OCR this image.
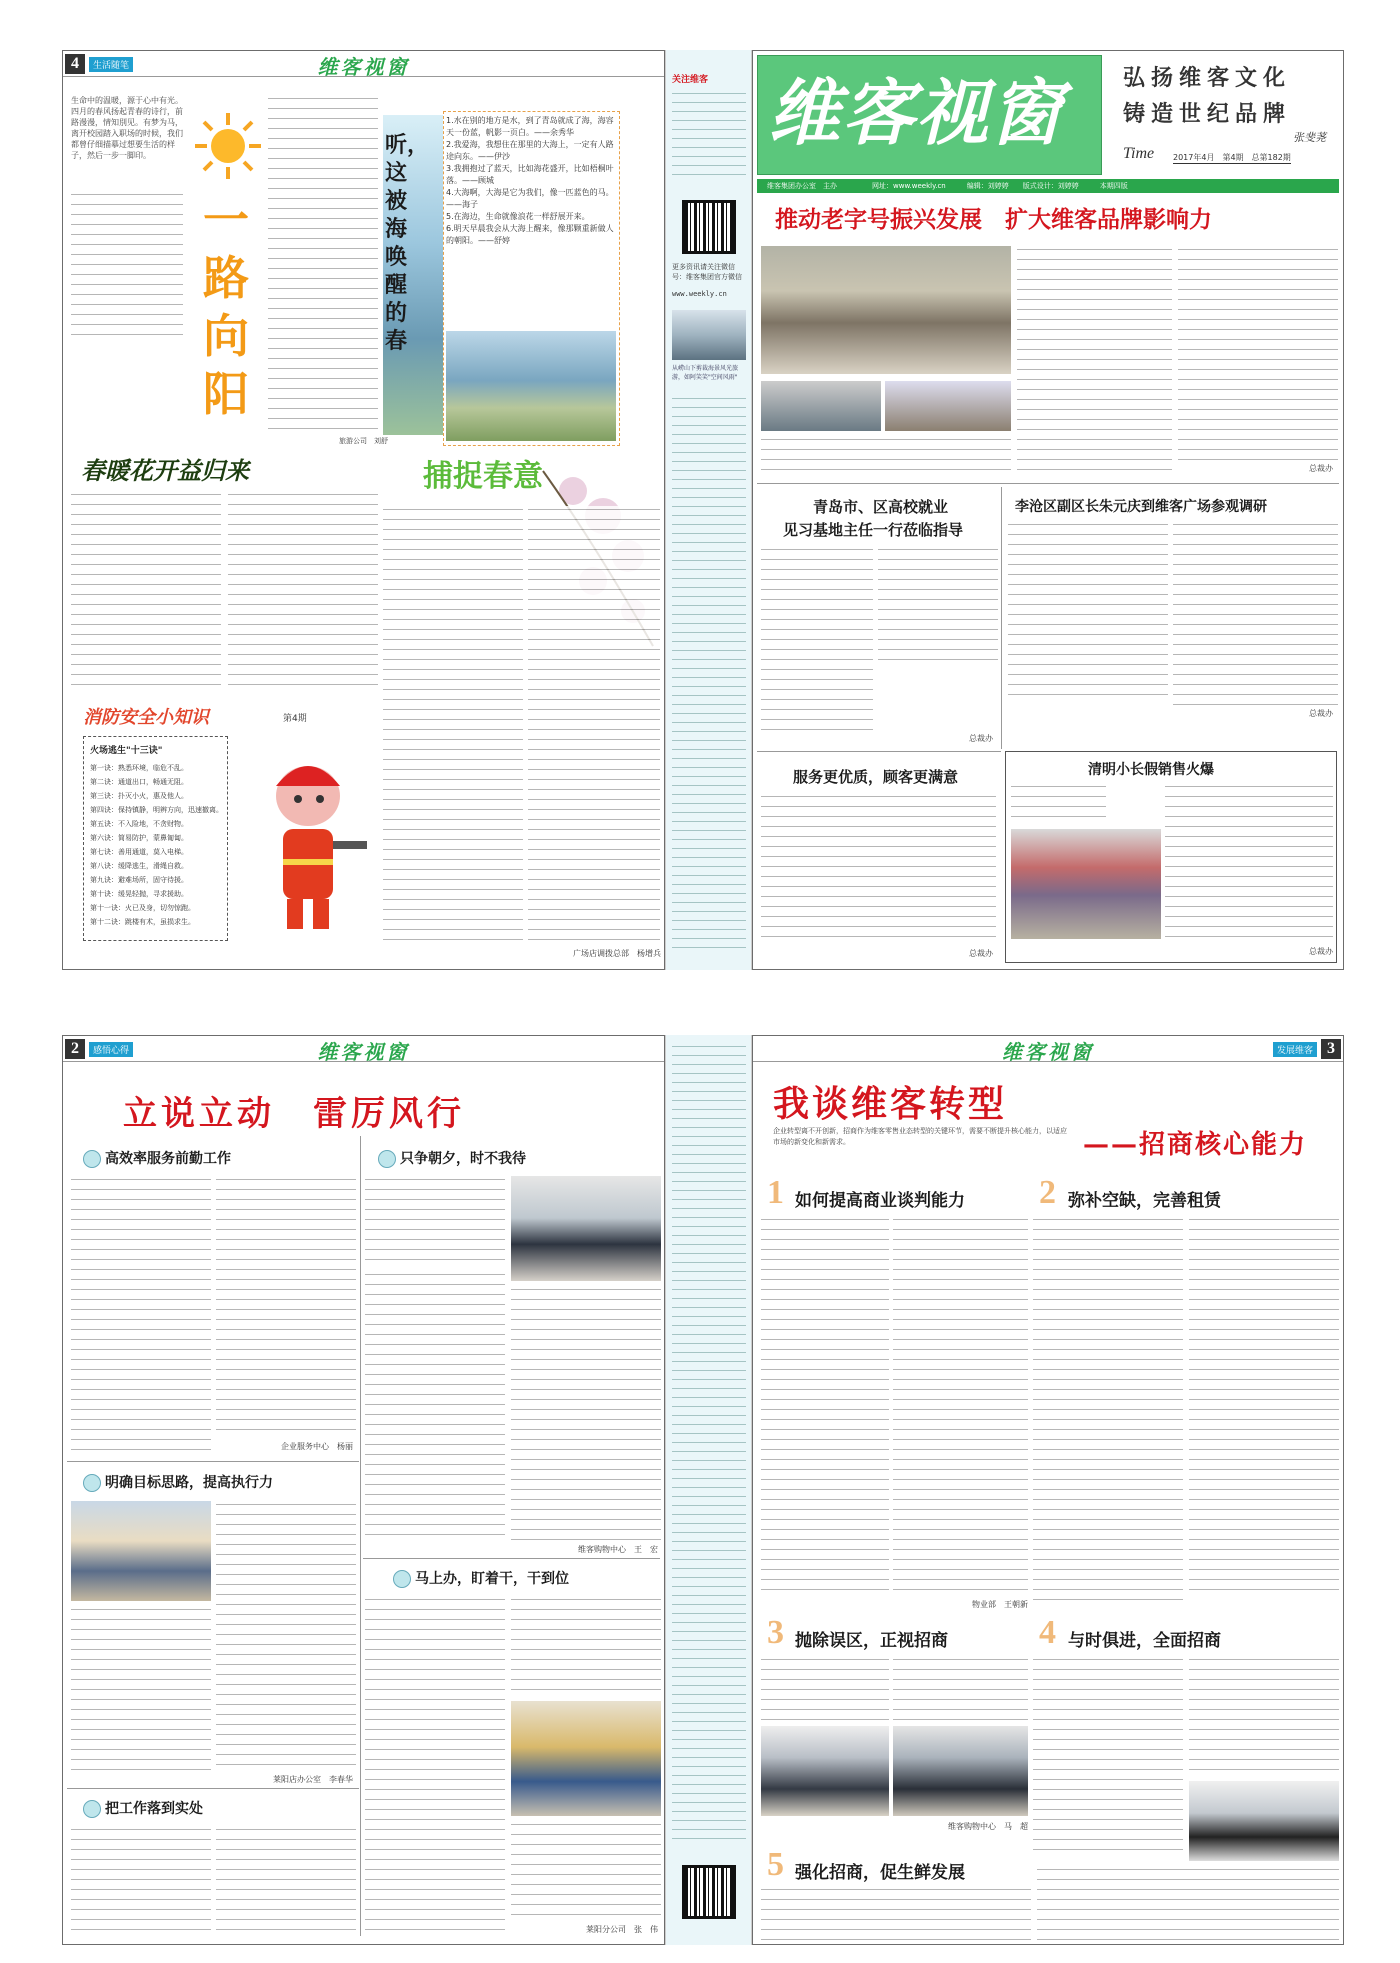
4	生活随笔	维客视窗
生命中的温暖，源于心中有光。四月的春风扬起青春的诗行，前路漫漫，情知別见。有梦为马，离开校园踏入职场的时候，我们都曾仔细描摹过想要生活的样子，然后一步一脚印。
一路向阳
旅游公司　刘舒
听，这被海唤醒的春
1.水在别的地方是水，到了青岛就成了海，海容天一份蓝，帆影一页白。——余秀华
2.我爱海，我想住在那里的大海上，一定有人路途向东。——伊沙
3.我拥抱过了蓝天，比如海花盛开，比如梧桐叶落。——顾城
4.大海啊，大海是它为我们，像一匹蓝色的马。——海子
5.在海边，生命就像浪花一样舒展开来。
6.明天早晨我会从大海上醒来，像那颗重新做人的朝阳。——舒婷
春暖花开益归来	捕捉春意
广场店调拨总部　杨增兵
消防安全小知识	第4期
火场逃生"十三诀"
第一诀：熟悉环境，临危不乱。
第二诀：通道出口，畅通无阻。
第三诀：扑灭小火，惠及他人。
第四诀：保持镇静，明辨方向，迅速撤离。
第五诀：不入险地，不贪财物。
第六诀：简易防护，蒙鼻匍匐。
第七诀：善用通道，莫入电梯。
第八诀：缓降逃生，滑绳自救。
第九诀：避难场所，固守待援。
第十诀：缓晃轻抛，寻求援助。
第十一诀：火已及身，切勿惊跑。
第十二诀：跳楼有术，虽损求生。
关注维客
更多资讯请关注微信号：维客集团官方微信
www.weekly.cn
从崂山下剪裁海景风光旅游，如阿笑笑"空间风雨"
维客视窗	弘扬维客文化
铸造世纪品牌
张斐荛
Time 2017年4月　第4期　总第182期
维客集团办公室　主办　　　　　网址：www.weekly.cn　　　编辑：刘婷婷　　版式设计：刘婷婷　　　本期四版
推动老字号振兴发展　扩大维客品牌影响力
总裁办
青岛市、区高校就业
见习基地主任一行莅临指导
总裁办
李沧区副区长朱元庆到维客广场参观调研
总裁办
服务更优质，顾客更满意
总裁办
清明小长假销售火爆
总裁办
2	感悟心得	维客视窗
立说立动　雷厉风行
高效率服务前勤工作
企业服务中心　杨丽
明确目标思路，提高执行力
莱阳店办公室　李春华
把工作落到实处
只争朝夕，时不我待
维客购物中心　王　宏
马上办，盯着干，干到位
莱阳分公司　张　伟
3
发展维客
维客视窗
我谈维客转型
——招商核心能力
企业转型离不开创新，招商作为维客零售业态转型的关键环节，需要不断提升核心能力，以适应市场的新变化和新需求。
1 如何提高商业谈判能力
物业部　王朝新
2 弥补空缺，完善租赁
3 抛除误区，正视招商
维客购物中心　马　超
4 与时俱进，全面招商
5 强化招商，促生鲜发展
